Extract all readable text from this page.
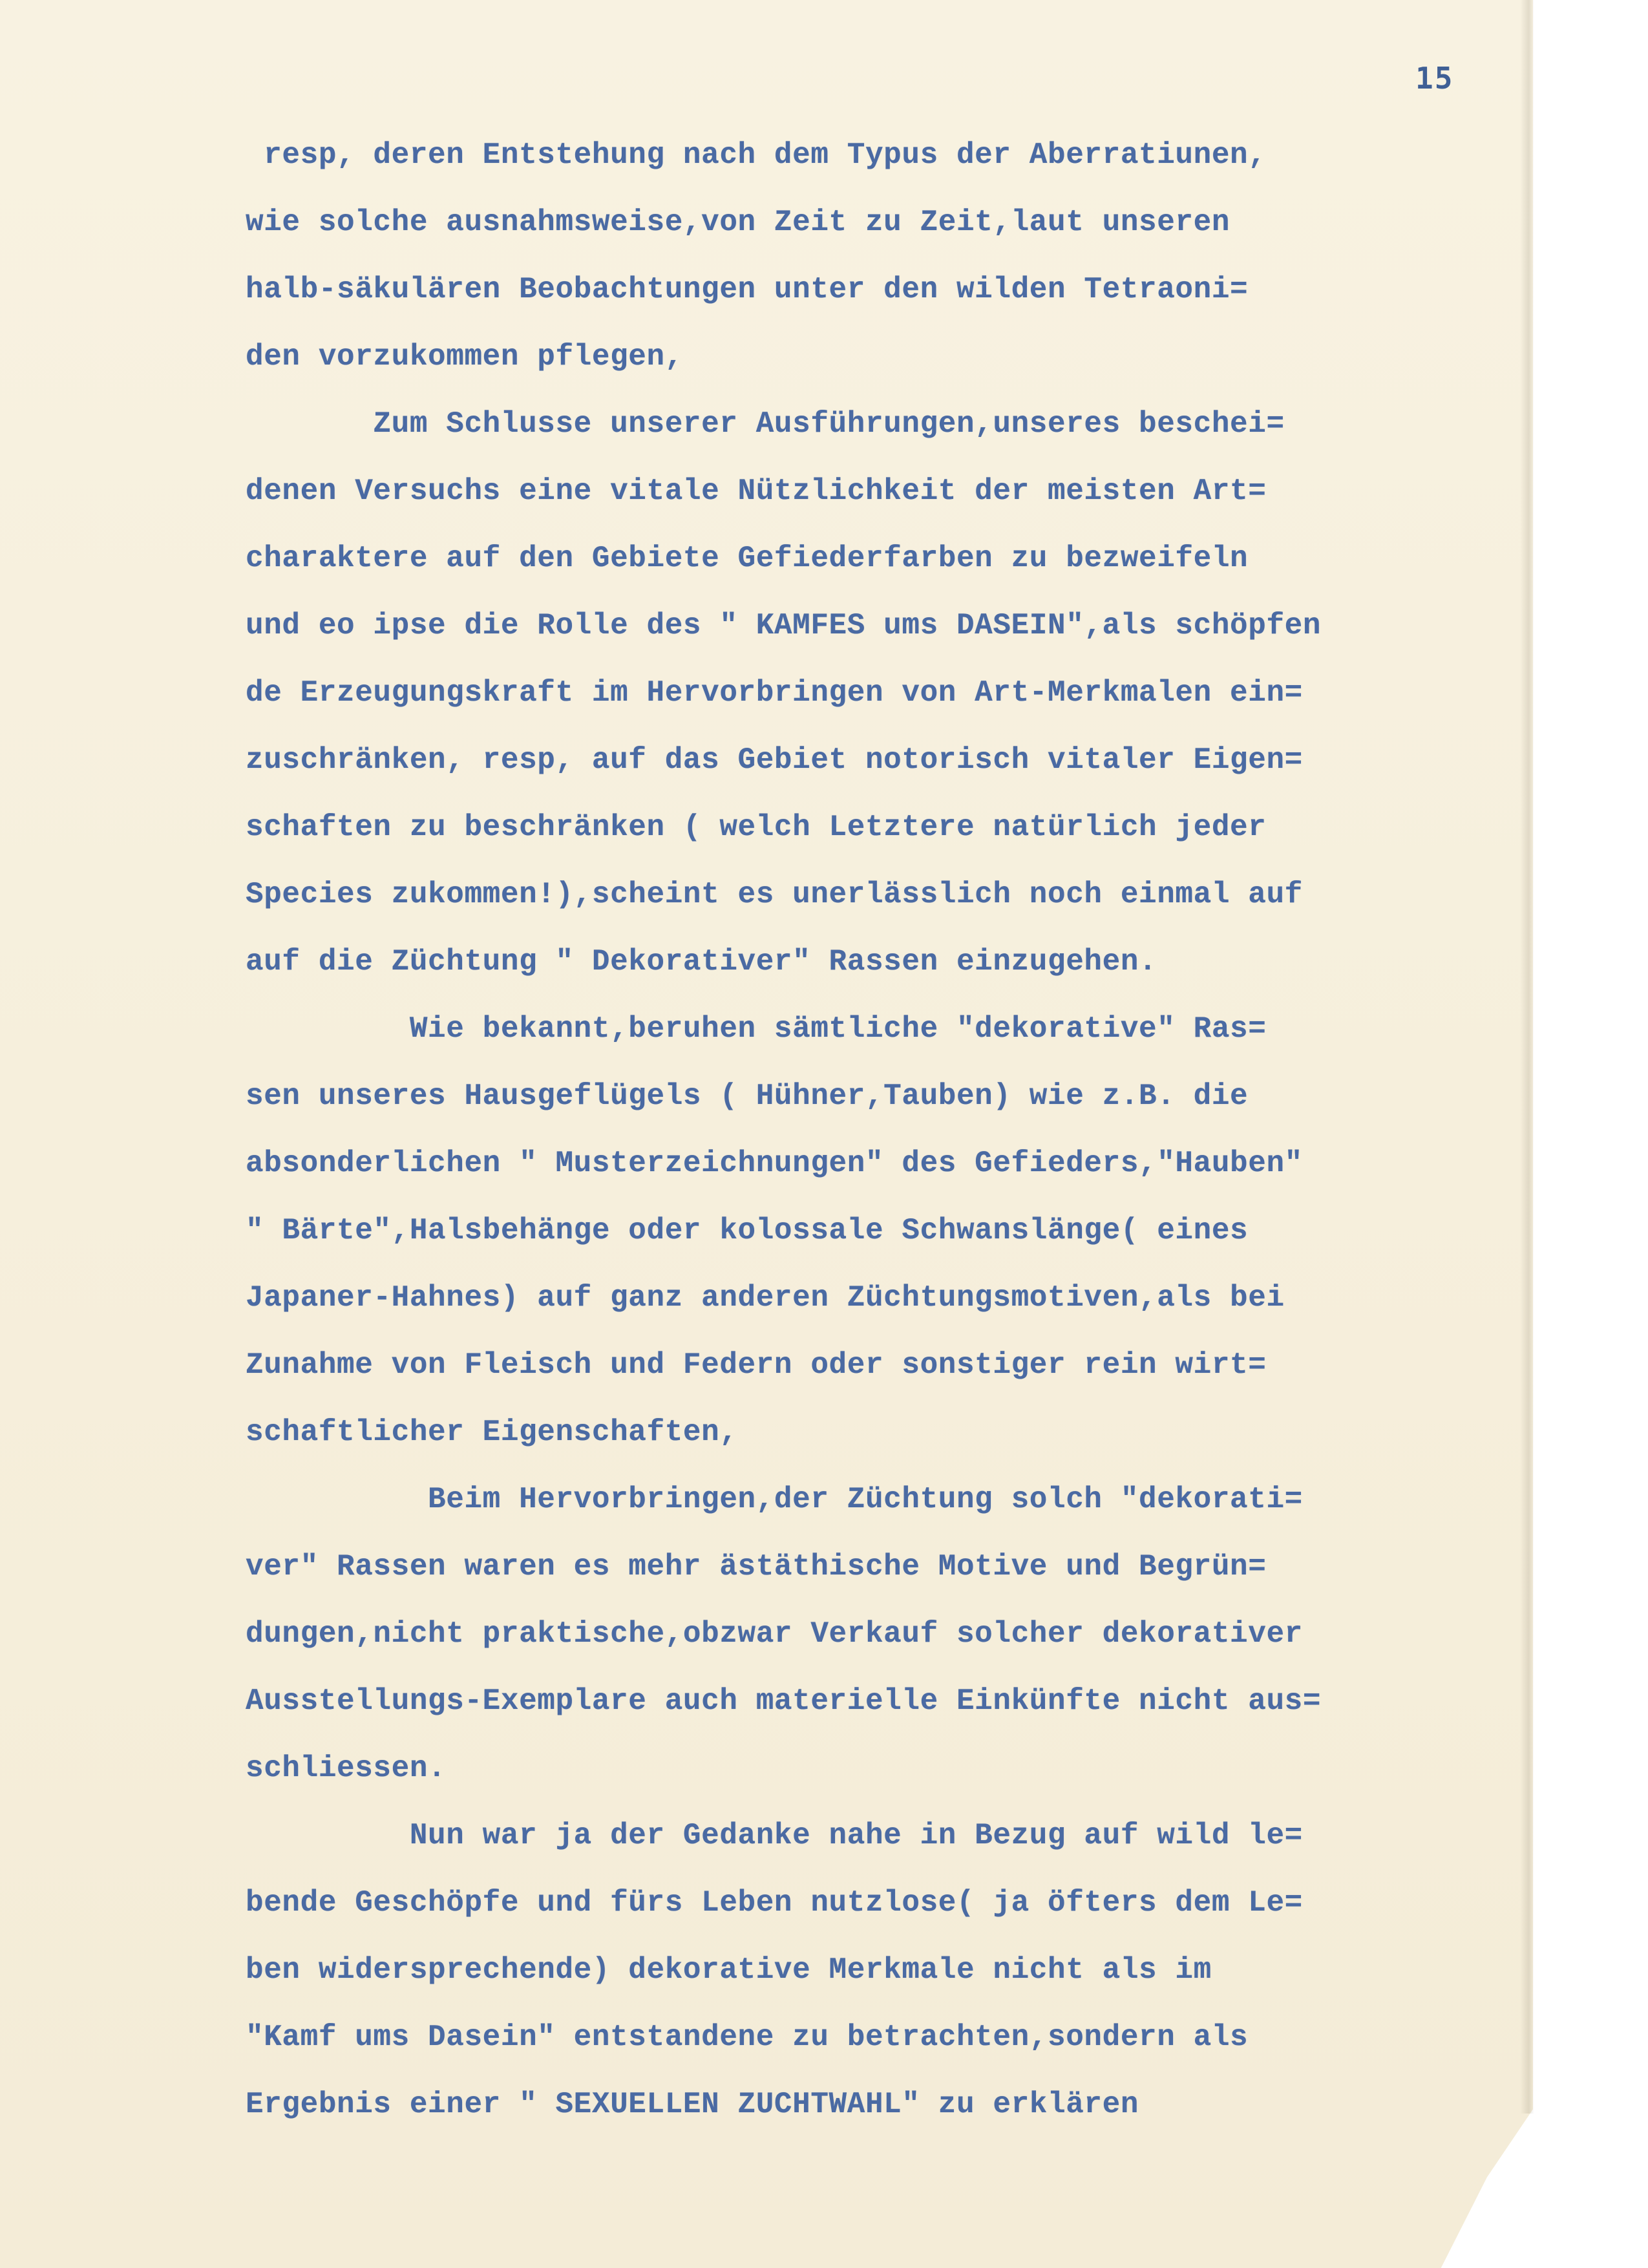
15
resp, deren Entstehung nach dem Typus der Aberratiunen,
wie solche ausnahmsweise,von Zeit zu Zeit,laut unseren
halb-säkulären Beobachtungen unter den wilden Tetraoni=
den vorzukommen pflegen,
Zum Schlusse unserer Ausführungen,unseres beschei=
denen Versuchs eine vitale Nützlichkeit der meisten Art=
charaktere auf den Gebiete Gefiederfarben zu bezweifeln
und eo ipse die Rolle des " KAMFES ums DASEIN",als schöpfen
de Erzeugungskraft im Hervorbringen von Art-Merkmalen ein=
zuschränken, resp, auf das Gebiet notorisch vitaler Eigen=
schaften zu beschränken ( welch Letztere natürlich jeder
Species zukommen!),scheint es unerlässlich noch einmal auf
auf die Züchtung " Dekorativer" Rassen einzugehen.
Wie bekannt,beruhen sämtliche "dekorative" Ras=
sen unseres Hausgeflügels ( Hühner,Tauben) wie z.B. die
absonderlichen " Musterzeichnungen" des Gefieders,"Hauben"
" Bärte",Halsbehänge oder kolossale Schwanslänge( eines
Japaner-Hahnes) auf ganz anderen Züchtungsmotiven,als bei
Zunahme von Fleisch und Federn oder sonstiger rein wirt=
schaftlicher Eigenschaften,
Beim Hervorbringen,der Züchtung solch "dekorati=
ver" Rassen waren es mehr ästäthische Motive und Begrün=
dungen,nicht praktische,obzwar Verkauf solcher dekorativer
Ausstellungs-Exemplare auch materielle Einkünfte nicht aus=
schliessen.
Nun war ja der Gedanke nahe in Bezug auf wild le=
bende Geschöpfe und fürs Leben nutzlose( ja öfters dem Le=
ben widersprechende) dekorative Merkmale nicht als im
"Kamf ums Dasein" entstandene zu betrachten,sondern als
Ergebnis einer " SEXUELLEN ZUCHTWAHL" zu erklären
